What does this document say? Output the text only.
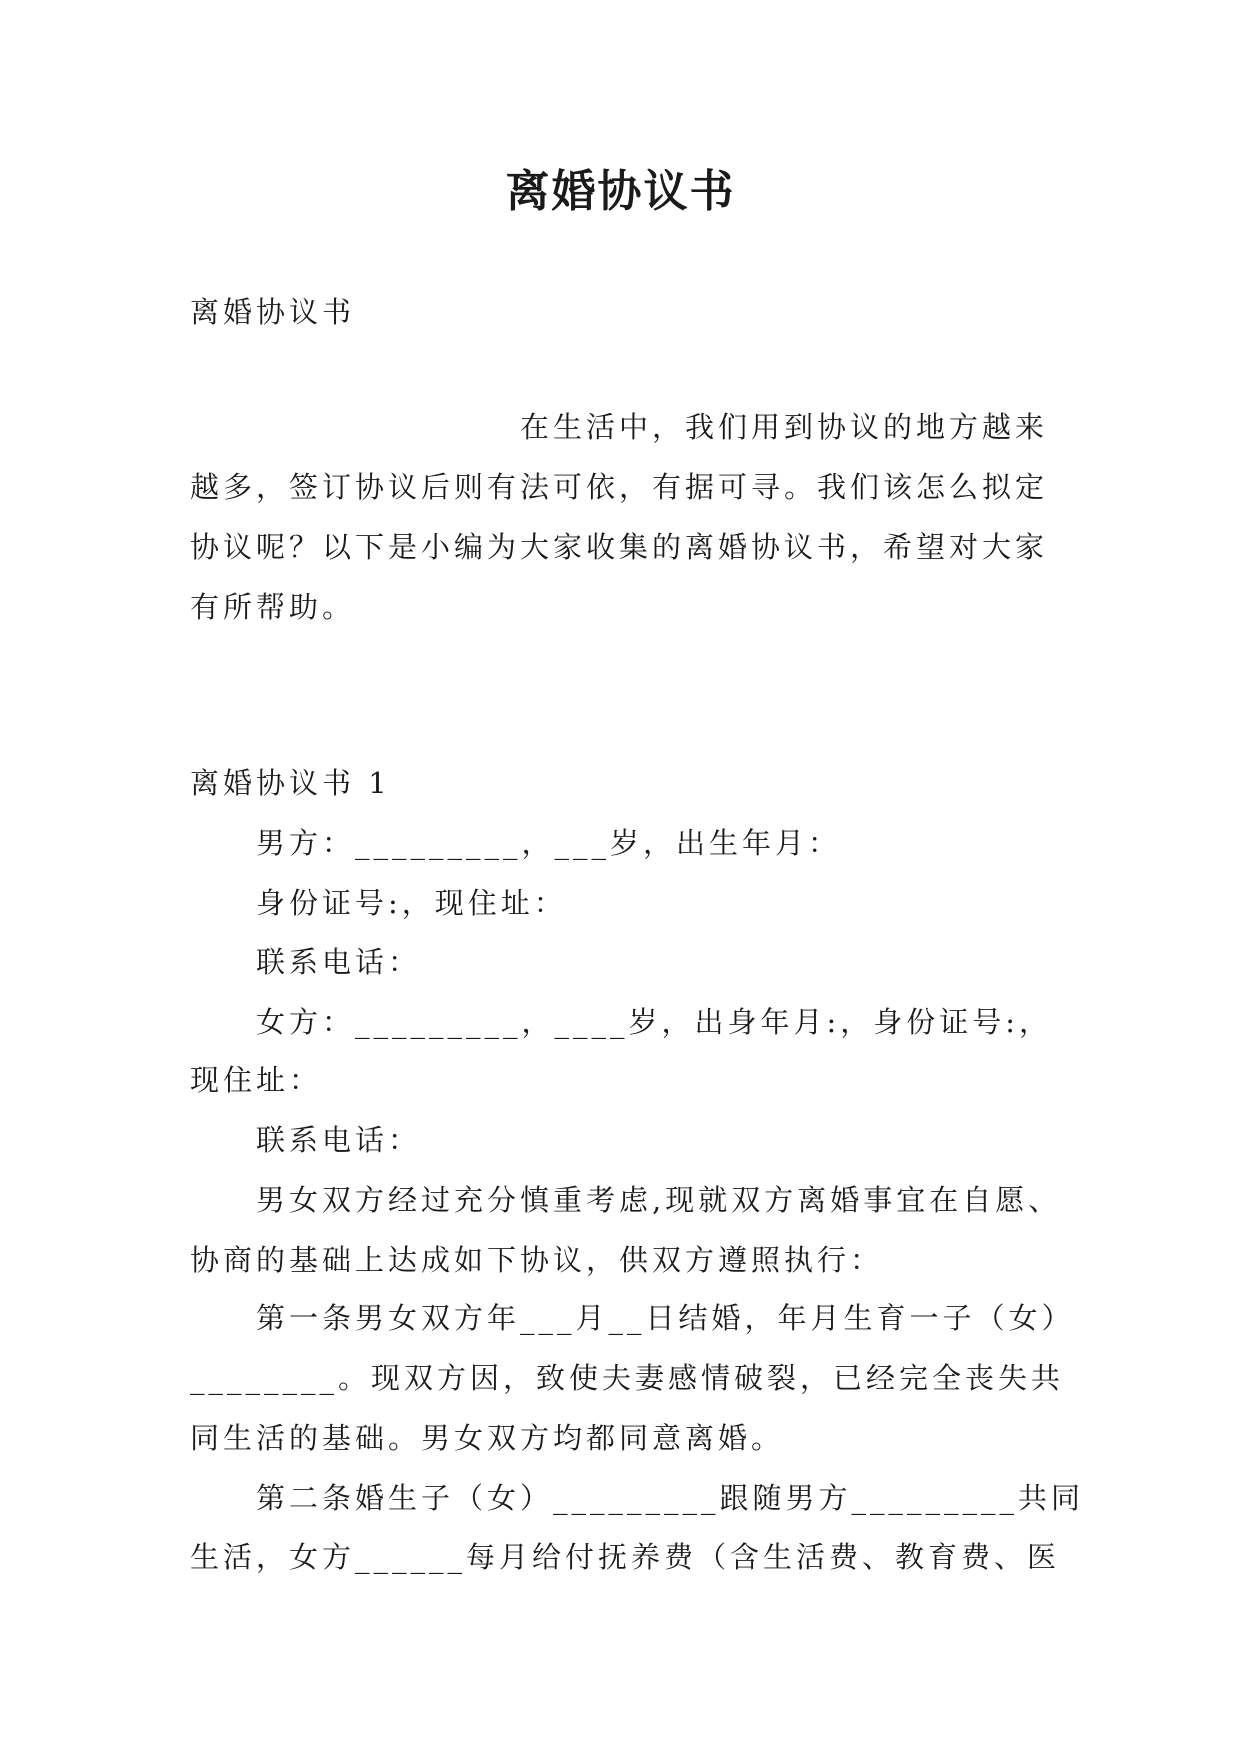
离婚协议书
离婚协议书
在生活中，我们用到协议的地方越来
越多，签订协议后则有法可依，有据可寻。我们该怎么拟定
协议呢？以下是小编为大家收集的离婚协议书，希望对大家
有所帮助。
离婚协议书 1
男方：_________，___岁，出生年月：
身份证号:，现住址：
联系电话：
女方：_________，____岁，出身年月:，身份证号:，
现住址：
联系电话：
男女双方经过充分慎重考虑,现就双方离婚事宜在自愿、
协商的基础上达成如下协议，供双方遵照执行：
第一条男女双方年___月__日结婚，年月生育一子（女）
________。现双方因，致使夫妻感情破裂，已经完全丧失共
同生活的基础。男女双方均都同意离婚。
第二条婚生子（女）_________跟随男方_________共同
生活，女方______每月给付抚养费（含生活费、教育费、医
